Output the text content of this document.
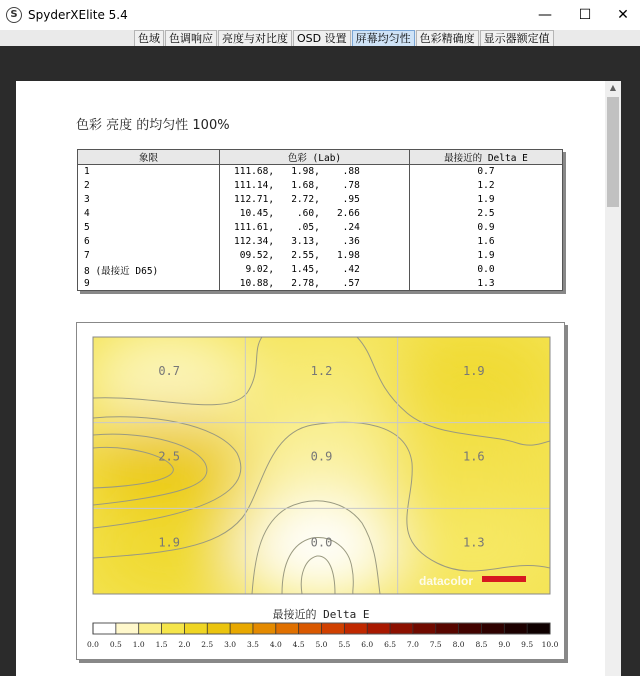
S SpyderXElite 5.4	—	☐	✕
色域 色调响应 亮度与对比度 OSD 设置 屏幕均匀性 色彩精确度 显示器额定值
色彩 亮度 的均匀性 100%
象限	色彩 (Lab)	最接近的 Delta E
1	111.68,   1.98,    .88	0.7
2	111.14,   1.68,    .78	1.2
3	112.71,   2.72,    .95	1.9
4	10.45,    .60,   2.66	2.5
5	111.61,    .05,    .24	0.9
6	112.34,   3.13,    .36	1.6
7	09.52,   2.55,   1.98	1.9
8 (最接近 D65)	9.02,   1.45,    .42	0.0
9	10.88,   2.78,    .57	1.3
0.7	1.2	1.9
2.5	0.9	1.6
1.9	0.0	1.3
datacolor
最接近的 Delta E
0.0 0.5 1.0 1.5 2.0 2.5 3.0 3.5 4.0 4.5 5.0 5.5 6.0 6.5 7.0 7.5 8.0 8.5 9.0 9.5 10.0
▲
